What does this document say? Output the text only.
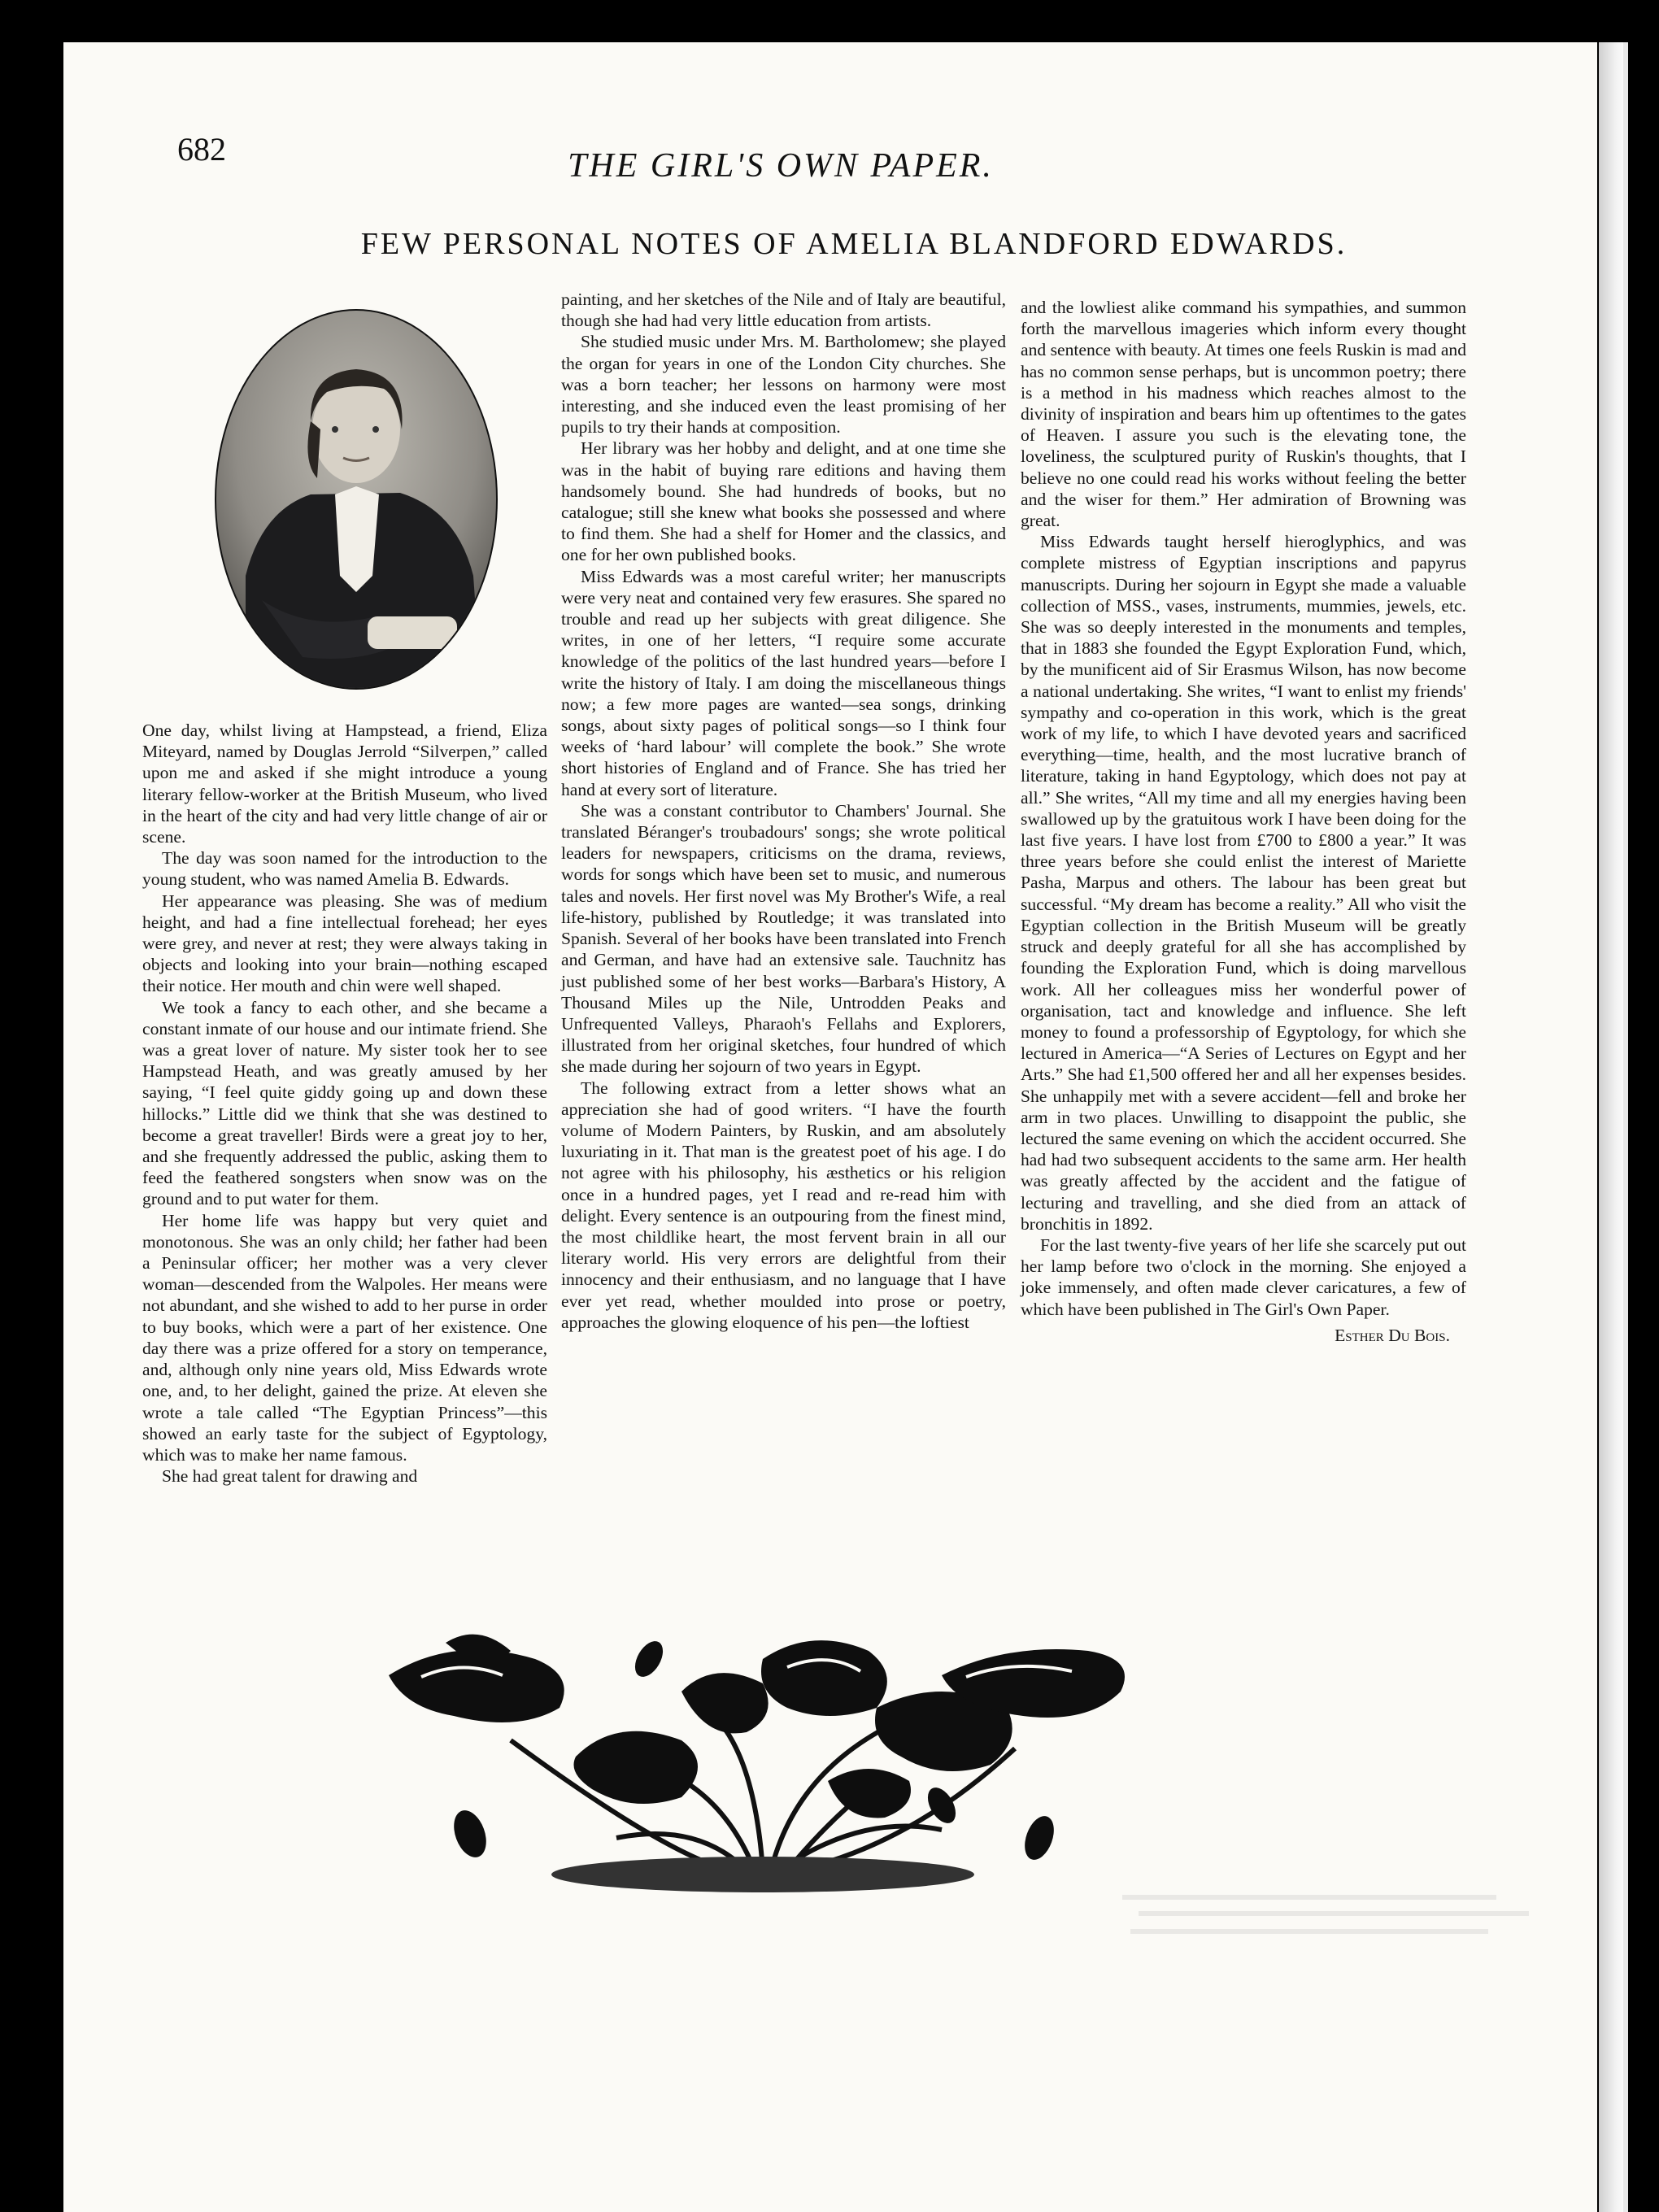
682	THE GIRL'S OWN PAPER.
FEW PERSONAL NOTES OF AMELIA BLANDFORD EDWARDS.

One day, whilst living at Hampstead, a friend, Eliza Miteyard, named by Douglas Jerrold “Silverpen,” called upon me and asked if she might introduce a young literary fellow-worker at the British Museum, who lived in the heart of the city and had very little change of air or scene.

The day was soon named for the introduction to the young student, who was named Amelia B. Edwards.

Her appearance was pleasing. She was of medium height, and had a fine intellectual forehead; her eyes were grey, and never at rest; they were always taking in objects and looking into your brain—nothing escaped their notice. Her mouth and chin were well shaped.

We took a fancy to each other, and she became a constant inmate of our house and our intimate friend. She was a great lover of nature. My sister took her to see Hampstead Heath, and was greatly amused by her saying, “I feel quite giddy going up and down these hillocks.” Little did we think that she was destined to become a great traveller! Birds were a great joy to her, and she frequently addressed the public, asking them to feed the feathered songsters when snow was on the ground and to put water for them.

Her home life was happy but very quiet and monotonous. She was an only child; her father had been a Peninsular officer; her mother was a very clever woman—descended from the Walpoles. Her means were not abundant, and she wished to add to her purse in order to buy books, which were a part of her existence. One day there was a prize offered for a story on temperance, and, although only nine years old, Miss Edwards wrote one, and, to her delight, gained the prize. At eleven she wrote a tale called “The Egyptian Princess”—this showed an early taste for the subject of Egyptology, which was to make her name famous.

She had great talent for drawing and

painting, and her sketches of the Nile and of Italy are beautiful, though she had had very little education from artists.

She studied music under Mrs. M. Bartholomew; she played the organ for years in one of the London City churches. She was a born teacher; her lessons on harmony were most interesting, and she induced even the least promising of her pupils to try their hands at composition.

Her library was her hobby and delight, and at one time she was in the habit of buying rare editions and having them handsomely bound. She had hundreds of books, but no catalogue; still she knew what books she possessed and where to find them. She had a shelf for Homer and the classics, and one for her own published books.

Miss Edwards was a most careful writer; her manuscripts were very neat and contained very few erasures. She spared no trouble and read up her subjects with great diligence. She writes, in one of her letters, “I require some accurate knowledge of the politics of the last hundred years—before I write the history of Italy. I am doing the miscellaneous things now; a few more pages are wanted—sea songs, drinking songs, about sixty pages of political songs—so I think four weeks of ‘hard labour’ will complete the book.” She wrote short histories of England and of France. She has tried her hand at every sort of literature.

She was a constant contributor to Chambers' Journal. She translated Béranger's troubadours' songs; she wrote political leaders for newspapers, criticisms on the drama, reviews, words for songs which have been set to music, and numerous tales and novels. Her first novel was My Brother's Wife, a real life-history, published by Routledge; it was translated into Spanish. Several of her books have been translated into French and German, and have had an extensive sale. Tauchnitz has just published some of her best works—Barbara's History, A Thousand Miles up the Nile, Untrodden Peaks and Unfrequented Valleys, Pharaoh's Fellahs and Explorers, illustrated from her original sketches, four hundred of which she made during her sojourn of two years in Egypt.

The following extract from a letter shows what an appreciation she had of good writers. “I have the fourth volume of Modern Painters, by Ruskin, and am absolutely luxuriating in it. That man is the greatest poet of his age. I do not agree with his philosophy, his æsthetics or his religion once in a hundred pages, yet I read and re-read him with delight. Every sentence is an outpouring from the finest mind, the most childlike heart, the most fervent brain in all our literary world. His very errors are delightful from their innocency and their enthusiasm, and no language that I have ever yet read, whether moulded into prose or poetry, approaches the glowing eloquence of his pen—the loftiest

and the lowliest alike command his sympathies, and summon forth the marvellous imageries which inform every thought and sentence with beauty. At times one feels Ruskin is mad and has no common sense perhaps, but is uncommon poetry; there is a method in his madness which reaches almost to the divinity of inspiration and bears him up oftentimes to the gates of Heaven. I assure you such is the elevating tone, the loveliness, the sculptured purity of Ruskin's thoughts, that I believe no one could read his works without feeling the better and the wiser for them.” Her admiration of Browning was great.

Miss Edwards taught herself hieroglyphics, and was complete mistress of Egyptian inscriptions and papyrus manuscripts. During her sojourn in Egypt she made a valuable collection of MSS., vases, instruments, mummies, jewels, etc. She was so deeply interested in the monuments and temples, that in 1883 she founded the Egypt Exploration Fund, which, by the munificent aid of Sir Erasmus Wilson, has now become a national undertaking. She writes, “I want to enlist my friends' sympathy and co-operation in this work, which is the great work of my life, to which I have devoted years and sacrificed everything—time, health, and the most lucrative branch of literature, taking in hand Egyptology, which does not pay at all.” She writes, “All my time and all my energies having been swallowed up by the gratuitous work I have been doing for the last five years. I have lost from £700 to £800 a year.” It was three years before she could enlist the interest of Mariette Pasha, Marpus and others. The labour has been great but successful. “My dream has become a reality.” All who visit the Egyptian collection in the British Museum will be greatly struck and deeply grateful for all she has accomplished by founding the Exploration Fund, which is doing marvellous work. All her colleagues miss her wonderful power of organisation, tact and knowledge and influence. She left money to found a professorship of Egyptology, for which she lectured in America—“A Series of Lectures on Egypt and her Arts.” She had £1,500 offered her and all her expenses besides. She unhappily met with a severe accident—fell and broke her arm in two places. Unwilling to disappoint the public, she lectured the same evening on which the accident occurred. She had had two subsequent accidents to the same arm. Her health was greatly affected by the accident and the fatigue of lecturing and travelling, and she died from an attack of bronchitis in 1892.

For the last twenty-five years of her life she scarcely put out her lamp before two o'clock in the morning. She enjoyed a joke immensely, and often made clever caricatures, a few of which have been published in The Girl's Own Paper.

Esther Du Bois.
